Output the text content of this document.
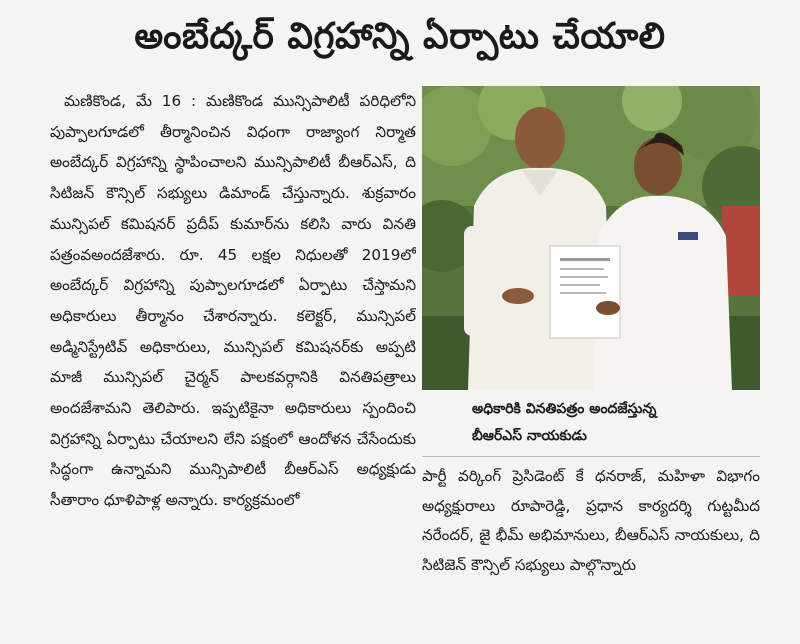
అంబేద్కర్ విగ్రహాన్ని ఏర్పాటు చేయాలి

మణికొండ, మే 16 : మణికొండ మున్సిపాలిటీ పరిధిలోని పుప్పాలగూడలో తీర్మానించిన విధంగా రాజ్యాంగ నిర్మాత అంబేద్కర్ విగ్రహాన్ని స్థాపించాలని మున్సిపాలిటీ బీఆర్ఎస్, ది సిటిజన్ కౌన్సిల్ సభ్యులు డిమాండ్ చేస్తున్నారు. శుక్రవారం మున్సిపల్ కమిషనర్ ప్రదీప్ కుమార్‌ను కలిసి వారు వినతి పత్రంవఅందజేశారు. రూ. 45 లక్షల నిధులతో 2019లో అంబేద్కర్ విగ్రహాన్ని పుప్పాలగూడలో ఏర్పాటు చేస్తామని అధికారులు తీర్మానం చేశారన్నారు. కలెక్టర్, మున్సిపల్ అడ్మినిస్ట్రేటివ్ అధికారులు, మున్సిపల్ కమిషనర్‌కు అప్పటి మాజీ మున్సిపల్ చైర్మన్ పాలకవర్గానికి వినతిపత్రాలు అందజేశామని తెలిపారు. ఇప్పటికైనా అధికారులు స్పందించి విగ్రహాన్ని ఏర్పాటు చేయాలని లేని పక్షంలో ఆందోళన చేసేందుకు సిద్ధంగా ఉన్నామని మున్సిపాలిటీ బీఆర్ఎస్ అధ్యక్షుడు సీతారాం ధూళిపాళ్ల అన్నారు. కార్యక్రమంలో

అధికారికి వినతిపత్రం అందజేస్తున్న
బీఆర్ఎస్ నాయకుడు

పార్టీ వర్కింగ్ ప్రెసిడెంట్ కే ధనరాజ్, మహిళా విభాగం అధ్యక్షురాలు రూపారెడ్డి, ప్రధాన కార్యదర్శి గుట్టమీద నరేందర్, జై భీమ్ అభిమానులు, బీఆర్ఎస్ నాయకులు, ది సిటిజెన్ కౌన్సిల్ సభ్యులు పాల్గొన్నారు
